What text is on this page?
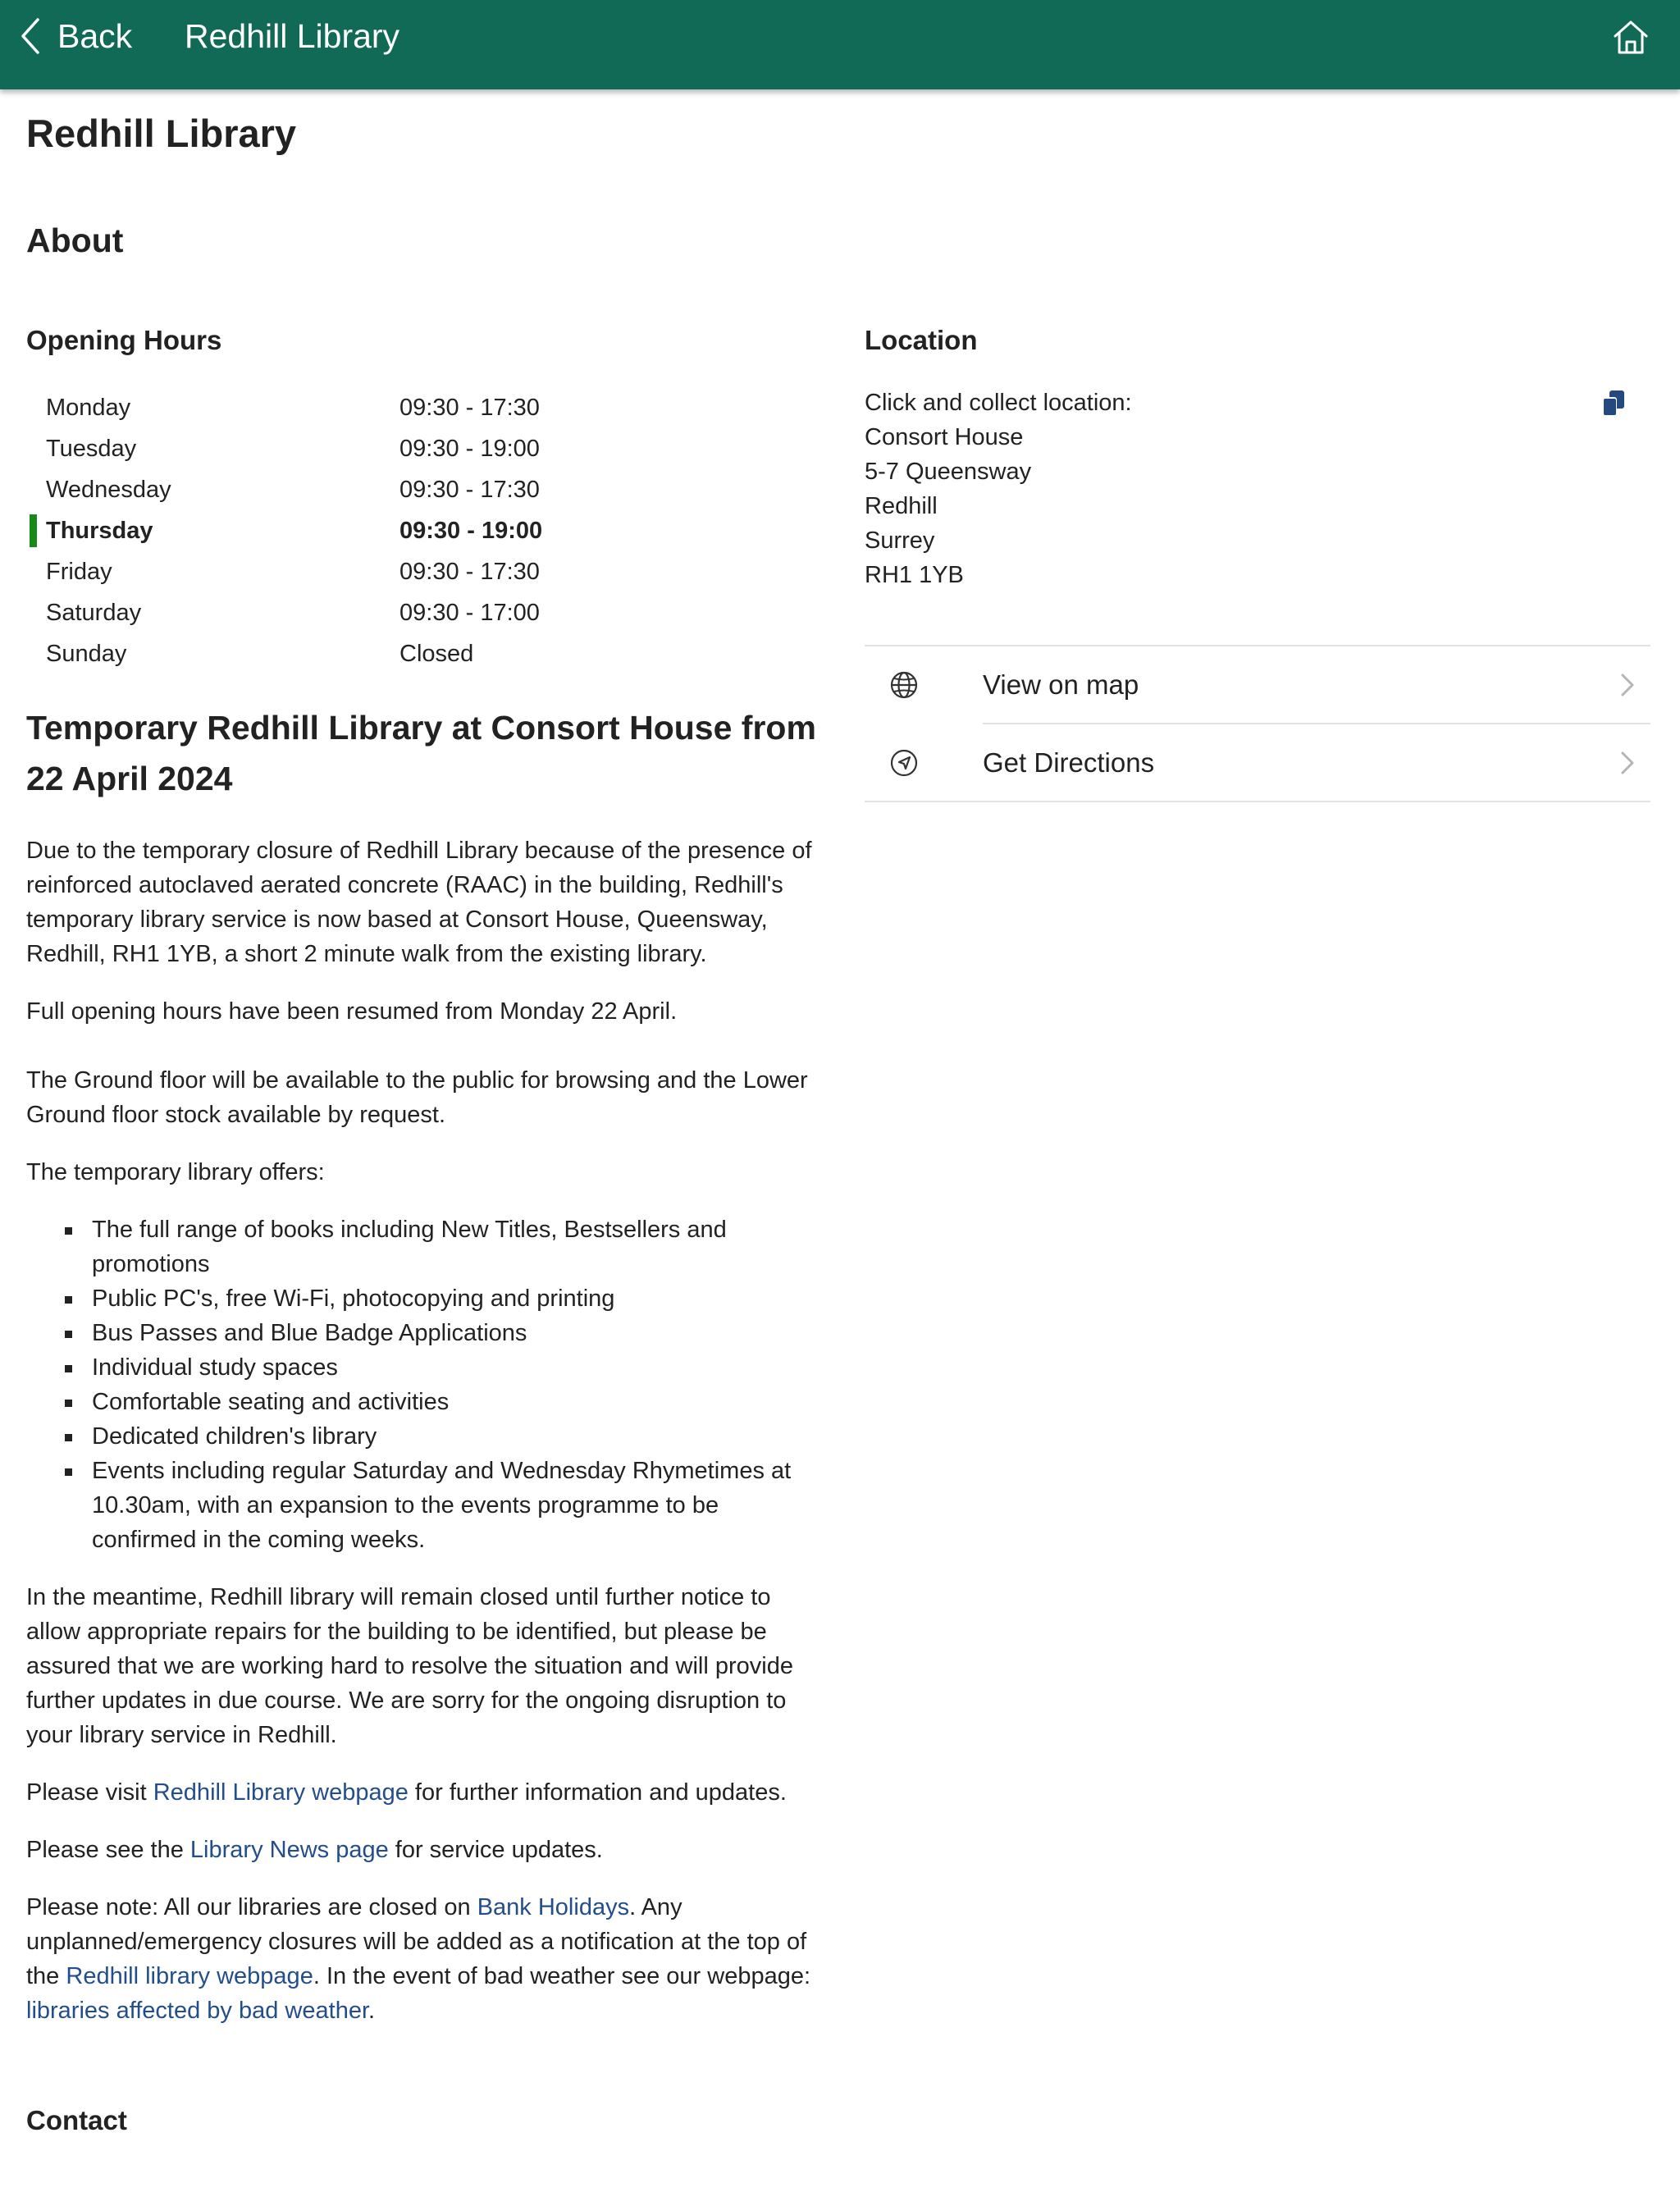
Back Redhill Library
Redhill Library
About
Opening Hours
Monday	09:30 - 17:30
Tuesday	09:30 - 19:00
Wednesday	09:30 - 17:30
Thursday	09:30 - 19:00
Friday	09:30 - 17:30
Saturday	09:30 - 17:00
Sunday	Closed
Temporary Redhill Library at Consort House from 22 April 2024

Due to the temporary closure of Redhill Library because of the presence of reinforced autoclaved aerated concrete (RAAC) in the building, Redhill's temporary library service is now based at Consort House, Queensway, Redhill, RH1 1YB, a short 2 minute walk from the existing library.

Full opening hours have been resumed from Monday 22 April.

The Ground floor will be available to the public for browsing and the Lower Ground floor stock available by request.

The temporary library offers:

The full range of books including New Titles, Bestsellers and promotions
Public PC's, free Wi-Fi, photocopying and printing
Bus Passes and Blue Badge Applications
Individual study spaces
Comfortable seating and activities
Dedicated children's library
Events including regular Saturday and Wednesday Rhymetimes at 10.30am, with an expansion to the events programme to be confirmed in the coming weeks.

In the meantime, Redhill library will remain closed until further notice to allow appropriate repairs for the building to be identified, but please be assured that we are working hard to resolve the situation and will provide further updates in due course. We are sorry for the ongoing disruption to your library service in Redhill.

Please visit Redhill Library webpage for further information and updates.

Please see the Library News page for service updates.

Please note: All our libraries are closed on Bank Holidays. Any unplanned/emergency closures will be added as a notification at the top of the Redhill library webpage. In the event of bad weather see our webpage: libraries affected by bad weather.

Contact
Location
Click and collect location:
Consort House
5-7 Queensway
Redhill
Surrey
RH1 1YB
View on map
Get Directions
